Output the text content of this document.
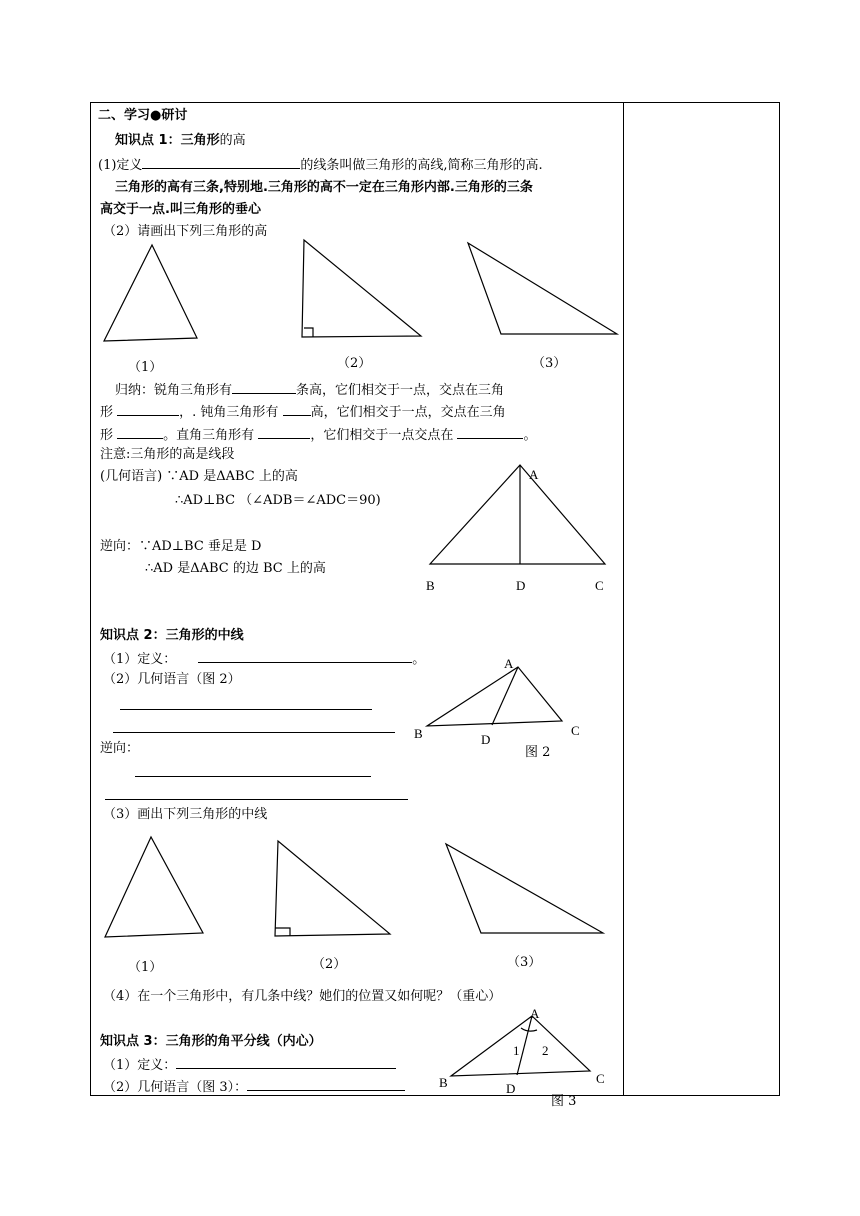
二、学习●研讨
知识点 1：三角形的高
(1)定义	的线条叫做三角形的高线,简称三角形的高.
三角形的高有三条,特别地.三角形的高不一定在三角形内部.三角形的三条
高交于一点.叫三角形的垂心
（2）请画出下列三角形的高
（1）	（2）	（3）
归纳：锐角三角形有	条高，它们相交于一点，交点在三角
形	，. 钝角三角形有 高，它们相交于一点，交点在三角
形	。直角三角形有	，它们相交于一点交点在	。
注意:三角形的高是线段
(几何语言) ∵AD 是ΔABC 上的高
∴AD⊥BC （∠ADB＝∠ADC＝90)
逆向：∵AD⊥BC 垂足是 D
∴AD 是ΔABC 的边 BC 上的高
知识点 2：三角形的中线
（1）定义：	。
（2）几何语言（图 2）
逆向：
（3）画出下列三角形的中线
图 2
（1）	（2）	（3）
（4）在一个三角形中，有几条中线？她们的位置又如何呢？（重心）
知识点 3：三角形的角平分线（内心）
（1）定义：
（2）几何语言（图 3）：
图 3
A
B	D	C
A
B	D
C
A
B	D
C
1 2
